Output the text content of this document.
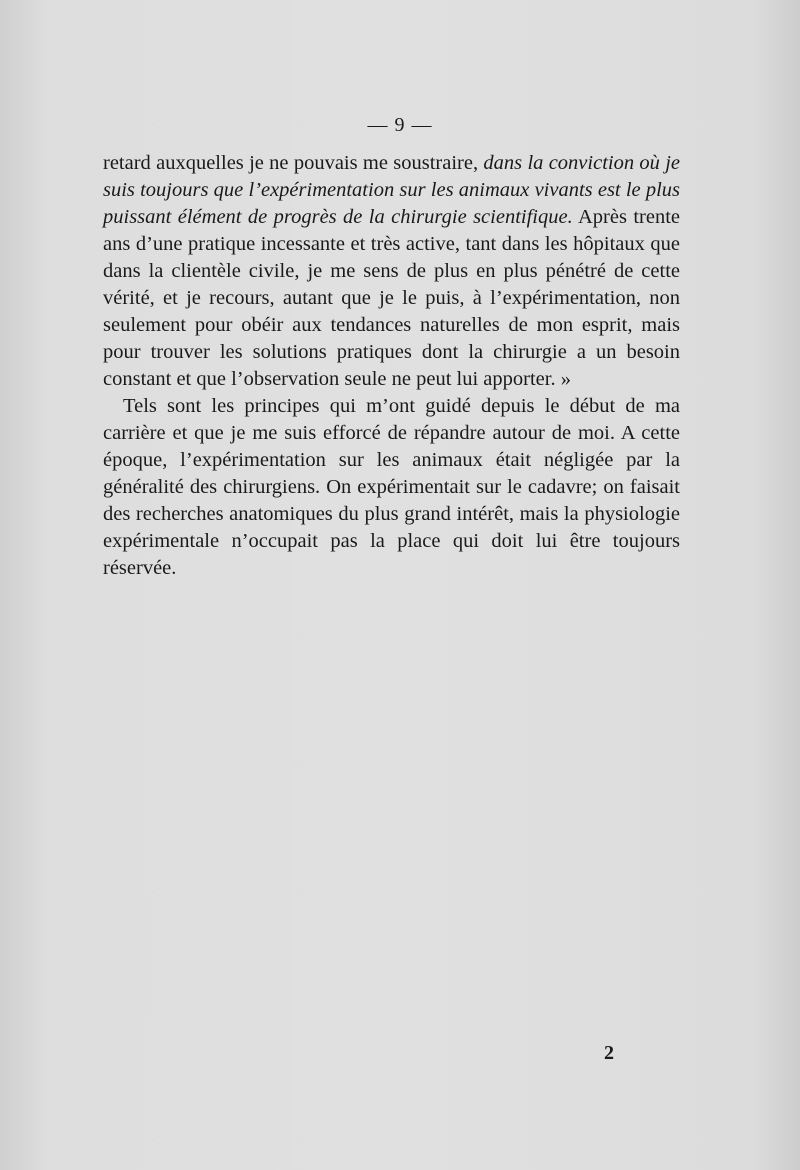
— 9 —

retard auxquelles je ne pouvais me soustraire, dans la conviction où je suis toujours que l’expérimentation sur les animaux vivants est le plus puissant élément de progrès de la chirurgie scientifique. Après trente ans d’une pratique incessante et très active, tant dans les hôpitaux que dans la clientèle civile, je me sens de plus en plus pénétré de cette vérité, et je recours, autant que je le puis, à l’expérimentation, non seulement pour obéir aux tendances naturelles de mon esprit, mais pour trouver les solutions pratiques dont la chirurgie a un besoin constant et que l’observation seule ne peut lui apporter. »

Tels sont les principes qui m’ont guidé depuis le début de ma carrière et que je me suis efforcé de répandre autour de moi. A cette époque, l’expérimentation sur les animaux était négligée par la généralité des chirurgiens. On expérimentait sur le cadavre; on faisait des recherches anatomiques du plus grand intérêt, mais la physiologie expérimentale n’occupait pas la place qui doit lui être toujours réservée.

2
